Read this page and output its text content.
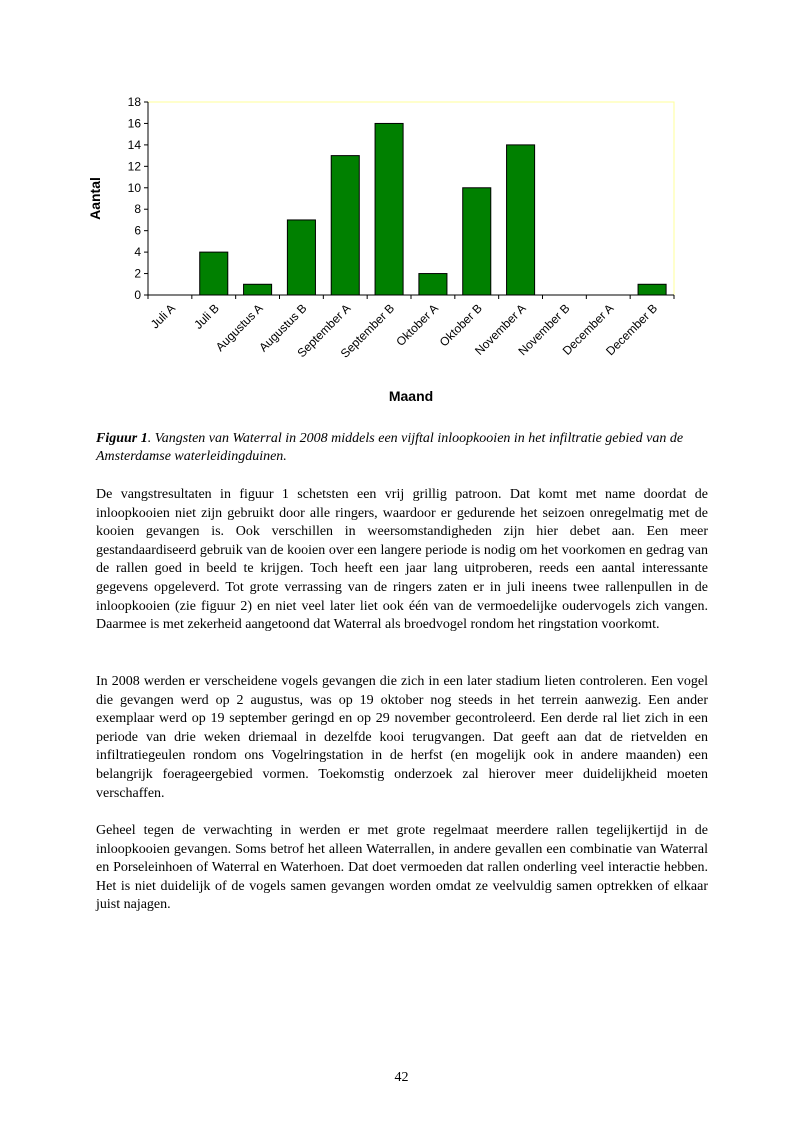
0
2
4
6
8
10
12
14
16
18
Juli A Juli B
Augustus A
Augustus B
September A
September B
Oktober A
Oktober B
November A
November B
December A
December B
Aantal
Maand

Figuur 1. Vangsten van Waterral in 2008 middels een vijftal inloopkooien in het infiltratie gebied van de Amsterdamse waterleidingduinen.

De vangstresultaten in figuur 1 schetsten een vrij grillig patroon. Dat komt met name doordat de inloopkooien niet zijn gebruikt door alle ringers, waardoor er gedurende het seizoen onregelmatig met de kooien gevangen is. Ook verschillen in weersomstandigheden zijn hier debet aan. Een meer gestandaardiseerd gebruik van de kooien over een langere periode is nodig om het voorkomen en gedrag van de rallen goed in beeld te krijgen. Toch heeft een jaar lang uitproberen, reeds een aantal interessante gegevens opgeleverd. Tot grote verrassing van de ringers zaten er in juli ineens twee rallenpullen in de inloopkooien (zie figuur 2) en niet veel later liet ook één van de vermoedelijke oudervogels zich vangen. Daarmee is met zekerheid aangetoond dat Waterral als broedvogel rondom het ringstation voorkomt.

In 2008 werden er verscheidene vogels gevangen die zich in een later stadium lieten controleren. Een vogel die gevangen werd op 2 augustus, was op 19 oktober nog steeds in het terrein aanwezig. Een ander exemplaar werd op 19 september geringd en op 29 november gecontroleerd. Een derde ral liet zich in een periode van drie weken driemaal in dezelfde kooi terugvangen. Dat geeft aan dat de rietvelden en infiltratiegeulen rondom ons Vogelringstation in de herfst (en mogelijk ook in andere maanden) een belangrijk foerageergebied vormen. Toekomstig onderzoek zal hierover meer duidelijkheid moeten verschaffen.

Geheel tegen de verwachting in werden er met grote regelmaat meerdere rallen tegelijkertijd in de inloopkooien gevangen. Soms betrof het alleen Waterrallen, in andere gevallen een combinatie van Waterral en Porseleinhoen of Waterral en Waterhoen. Dat doet vermoeden dat rallen onderling veel interactie hebben. Het is niet duidelijk of de vogels samen gevangen worden omdat ze veelvuldig samen optrekken of elkaar juist najagen.

42
